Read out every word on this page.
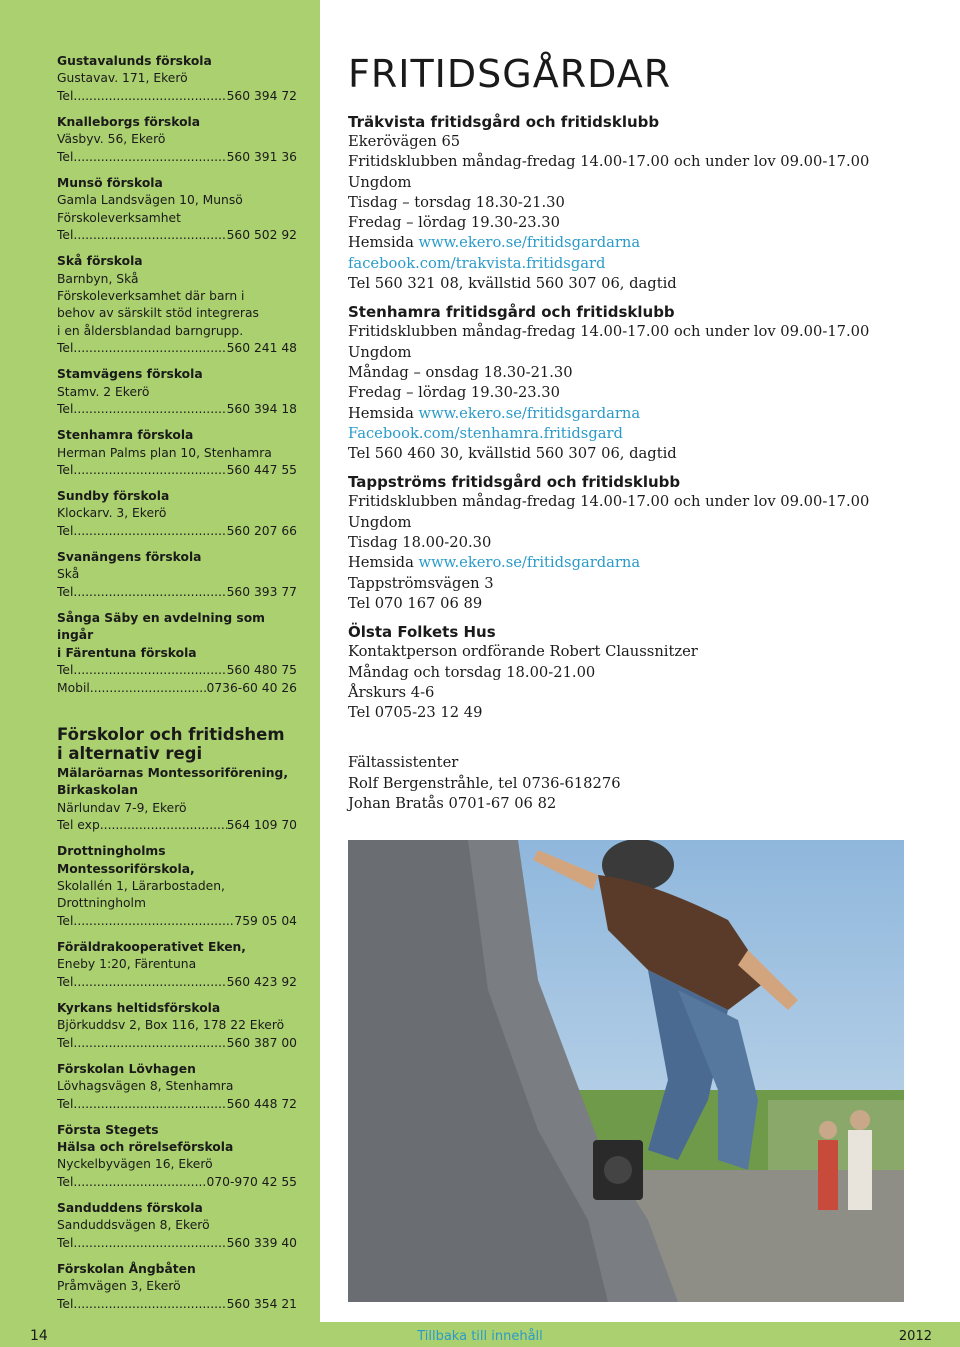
Gustavalunds förskola
Gustavav. 171, Ekerö
Tel .....	560 394 72
Knalleborgs förskola
Väsbyv. 56, Ekerö
Tel .....	560 391 36
Munsö förskola
Gamla Landsvägen 10, Munsö
Förskoleverksamhet
Tel .....	560 502 92
Skå förskola
Barnbyn, Skå
Förskoleverksamhet där barn i
behov av särskilt stöd integreras
i en åldersblandad barngrupp.
Tel .....	560 241 48
Stamvägens förskola
Stamv. 2 Ekerö
Tel .....	560 394 18
Stenhamra förskola
Herman Palms plan 10, Stenhamra
Tel .....	560 447 55
Sundby förskola
Klockarv. 3, Ekerö
Tel .....	560 207 66
Svanängens förskola
Skå
Tel .....	560 393 77
Sånga Säby en avdelning som ingår
i Färentuna förskola
Tel .....	560 480 75
Mobil .....	0736-60 40 26
Förskolor och fritidshem
i alternativ regi
Mälaröarnas Montessoriförening,
Birkaskolan
Närlundav 7-9, Ekerö
Tel exp .....	564 109 70
Drottningholms Montessoriförskola,
Skolallén 1, Lärarbostaden,
Drottningholm
Tel .....	759 05 04
Föräldrakooperativet Eken,
Eneby 1:20, Färentuna
Tel .....	560 423 92
Kyrkans heltidsförskola
Björkuddsv 2, Box 116, 178 22 Ekerö
Tel .....	560 387 00
Förskolan Lövhagen
Lövhagsvägen 8, Stenhamra
Tel .....	560 448 72
Första Stegets
Hälsa och rörelseförskola
Nyckelbyvägen 16, Ekerö
Tel .....	070-970 42 55
Sanduddens förskola
Sanduddsvägen 8, Ekerö
Tel .....	560 339 40
Förskolan Ångbåten
Pråmvägen 3, Ekerö
Tel .....	560 354 21
FRITIDSGÅRDAR
Träkvista fritidsgård och fritidsklubb
Ekerövägen 65
Fritidsklubben måndag-fredag 14.00-17.00 och under lov 09.00-17.00
Ungdom
Tisdag – torsdag 18.30-21.30
Fredag – lördag 19.30-23.30
Hemsida www.ekero.se/fritidsgardarna
facebook.com/trakvista.fritidsgard
Tel 560 321 08, kvällstid 560 307 06, dagtid
Stenhamra fritidsgård och fritidsklubb
Fritidsklubben måndag-fredag 14.00-17.00 och under lov 09.00-17.00
Ungdom
Måndag – onsdag 18.30-21.30
Fredag – lördag 19.30-23.30
Hemsida www.ekero.se/fritidsgardarna
Facebook.com/stenhamra.fritidsgard
Tel 560 460 30, kvällstid 560 307 06, dagtid
Tappströms fritidsgård och fritidsklubb
Fritidsklubben måndag-fredag 14.00-17.00 och under lov 09.00-17.00
Ungdom
Tisdag 18.00-20.30
Hemsida www.ekero.se/fritidsgardarna
Tappströmsvägen 3
Tel 070 167 06 89
Ölsta Folkets Hus
Kontaktperson ordförande Robert Claussnitzer
Måndag och torsdag 18.00-21.00
Årskurs 4-6
Tel 0705-23 12 49
Fältassistenter
Rolf Bergenstråhle, tel 0736-618276
Johan Bratås 0701-67 06 82
14	Tillbaka till innehåll	2012
